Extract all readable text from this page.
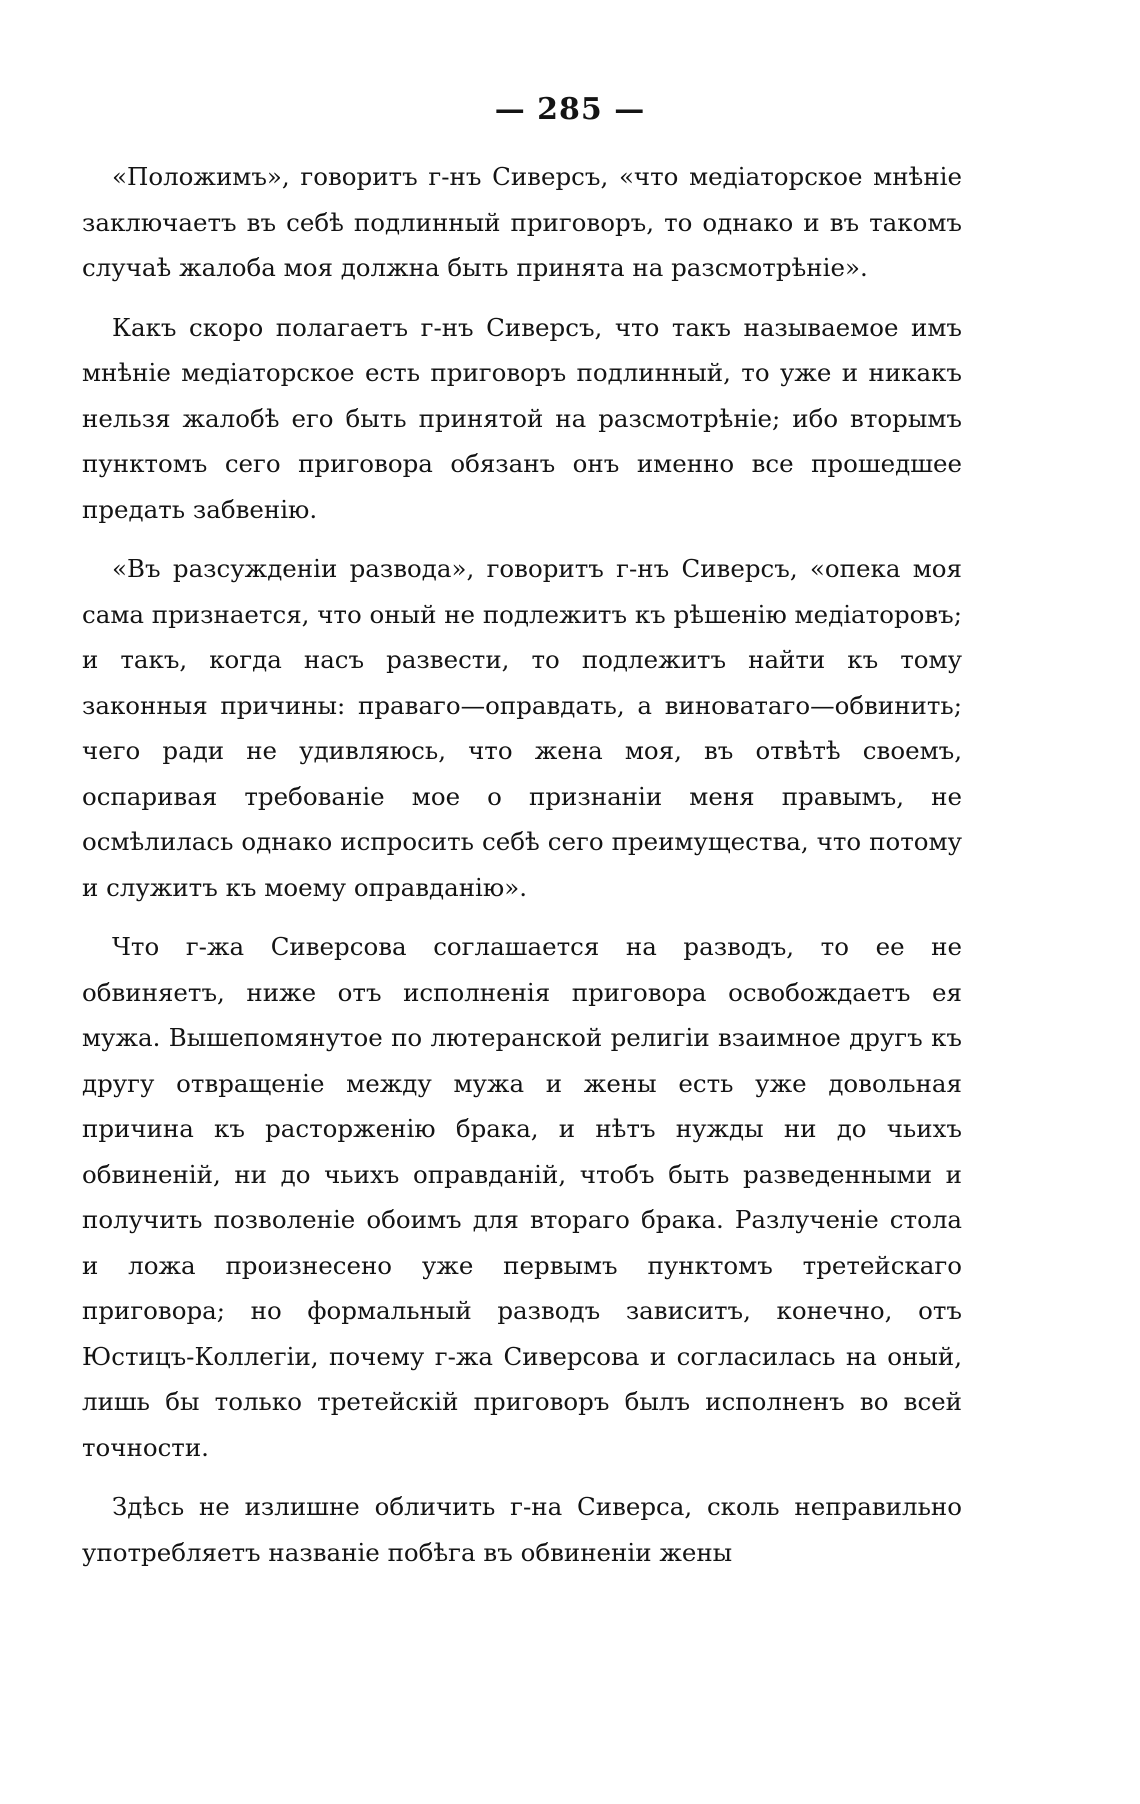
— 285 —

«Положимъ», говоритъ г-нъ Сиверсъ, «что медіаторское мнѣніе заключаетъ въ себѣ подлинный приговоръ, то однако и въ такомъ случаѣ жалоба моя должна быть принята на разсмотрѣніе».

Какъ скоро полагаетъ г-нъ Сиверсъ, что такъ называемое имъ мнѣніе медіаторское есть приговоръ подлинный, то уже и никакъ нельзя жалобѣ его быть принятой на разсмотрѣніе; ибо вторымъ пунктомъ сего приговора обязанъ онъ именно все прошедшее предать забвенію.

«Въ разсужденіи развода», говоритъ г-нъ Сиверсъ, «опека моя сама признается, что оный не подлежитъ къ рѣшенію медіаторовъ; и такъ, когда насъ развести, то подлежитъ найти къ тому законныя причины: праваго—оправдать, а виноватаго—обвинить; чего ради не удивляюсь, что жена моя, въ отвѣтѣ своемъ, оспаривая требованіе мое о признаніи меня правымъ, не осмѣлилась однако испросить себѣ сего преимущества, что потому и служитъ къ моему оправданію».

Что г-жа Сиверсова соглашается на разводъ, то ее не обвиняетъ, ниже отъ исполненія приговора освобождаетъ ея мужа. Вышепомянутое по лютеранской религіи взаимное другъ къ другу отвращеніе между мужа и жены есть уже довольная причина къ расторженію брака, и нѣтъ нужды ни до чьихъ обвиненій, ни до чьихъ оправданій, чтобъ быть разведенными и получить позволеніе обоимъ для втораго брака. Разлученіе стола и ложа произнесено уже первымъ пунктомъ третейскаго приговора; но формальный разводъ зависитъ, конечно, отъ Юстицъ-Коллегіи, почему г-жа Сиверсова и согласилась на оный, лишь бы только третейскій приговоръ былъ исполненъ во всей точности.

Здѣсь не излишне обличить г-на Сиверса, сколь неправильно употребляетъ названіе побѣга въ обвиненіи жены
